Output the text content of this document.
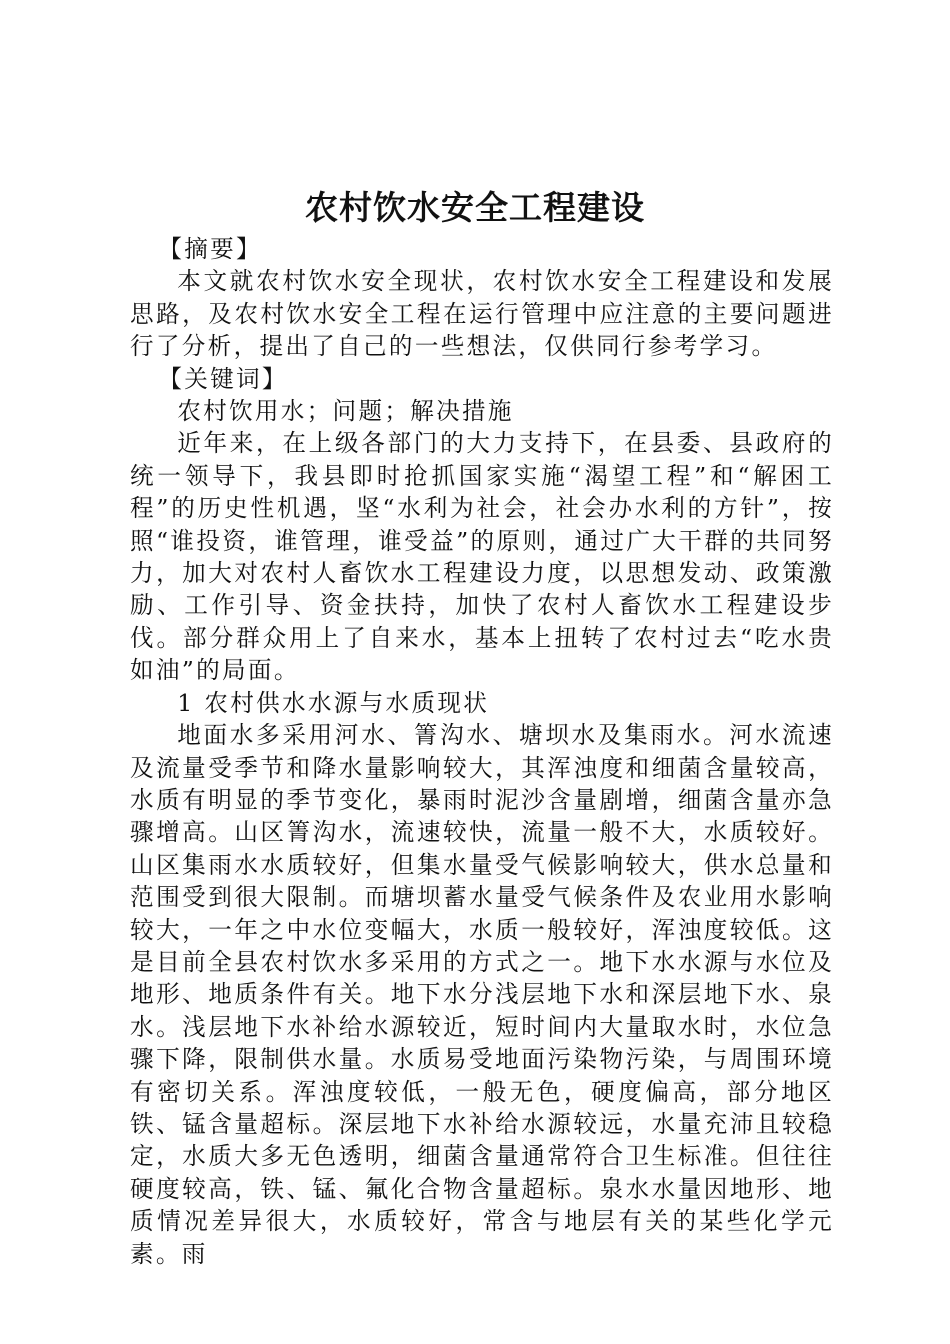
农村饮水安全工程建设

【摘要】

本文就农村饮水安全现状，农村饮水安全工程建设和发展思路，及农村饮水安全工程在运行管理中应注意的主要问题进行了分析，提出了自己的一些想法，仅供同行参考学习。

【关键词】

农村饮用水；问题；解决措施

近年来，在上级各部门的大力支持下，在县委、县政府的统一领导下，我县即时抢抓国家实施“渴望工程”和“解困工程”的历史性机遇，坚“水利为社会，社会办水利的方针”，按照“谁投资，谁管理，谁受益”的原则，通过广大干群的共同努力，加大对农村人畜饮水工程建设力度，以思想发动、政策激励、工作引导、资金扶持，加快了农村人畜饮水工程建设步伐。部分群众用上了自来水，基本上扭转了农村过去“吃水贵如油”的局面。

1 农村供水水源与水质现状

地面水多采用河水、箐沟水、塘坝水及集雨水。河水流速及流量受季节和降水量影响较大，其浑浊度和细菌含量较高，水质有明显的季节变化，暴雨时泥沙含量剧增，细菌含量亦急骤增高。山区箐沟水，流速较快，流量一般不大，水质较好。山区集雨水水质较好，但集水量受气候影响较大，供水总量和范围受到很大限制。而塘坝蓄水量受气候条件及农业用水影响较大，一年之中水位变幅大，水质一般较好，浑浊度较低。这是目前全县农村饮水多采用的方式之一。地下水水源与水位及地形、地质条件有关。地下水分浅层地下水和深层地下水、泉水。浅层地下水补给水源较近，短时间内大量取水时，水位急骤下降，限制供水量。水质易受地面污染物污染，与周围环境有密切关系。浑浊度较低，一般无色，硬度偏高，部分地区铁、锰含量超标。深层地下水补给水源较远，水量充沛且较稳定，水质大多无色透明，细菌含量通常符合卫生标准。但往往硬度较高，铁、锰、氟化合物含量超标。泉水水量因地形、地质情况差异很大，水质较好，常含与地层有关的某些化学元素。雨
